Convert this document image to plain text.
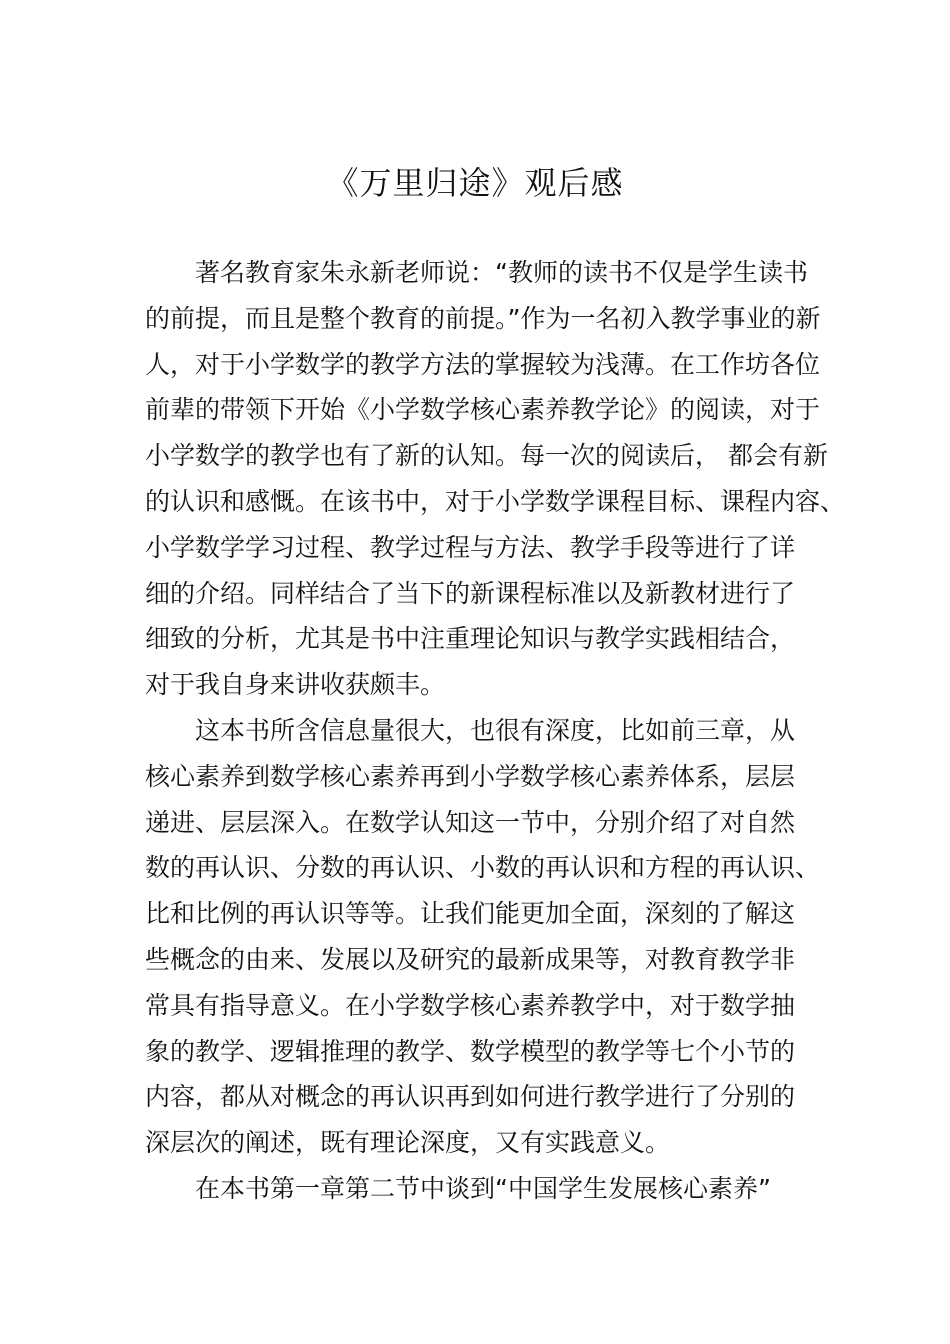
《万里归途》观后感
著名教育家朱永新老师说：“教师的读书不仅是学生读书
的前提，而且是整个教育的前提。”作为一名初入教学事业的新
人，对于小学数学的教学方法的掌握较为浅薄。在工作坊各位
前辈的带领下开始《小学数学核心素养教学论》的阅读，对于
小学数学的教学也有了新的认知。每一次的阅读后， 都会有新
的认识和感慨。在该书中，对于小学数学课程目标、课程内容、
小学数学学习过程、教学过程与方法、教学手段等进行了详
细的介绍。同样结合了当下的新课程标准以及新教材进行了
细致的分析，尤其是书中注重理论知识与教学实践相结合，
对于我自身来讲收获颇丰。
这本书所含信息量很大，也很有深度，比如前三章，从
核心素养到数学核心素养再到小学数学核心素养体系，层层
递进、层层深入。在数学认知这一节中，分别介绍了对自然
数的再认识、分数的再认识、小数的再认识和方程的再认识、
比和比例的再认识等等。让我们能更加全面，深刻的了解这
些概念的由来、发展以及研究的最新成果等，对教育教学非
常具有指导意义。在小学数学核心素养教学中，对于数学抽
象的教学、逻辑推理的教学、数学模型的教学等七个小节的
内容，都从对概念的再认识再到如何进行教学进行了分别的
深层次的阐述，既有理论深度，又有实践意义。
在本书第一章第二节中谈到“中国学生发展核心素养”
